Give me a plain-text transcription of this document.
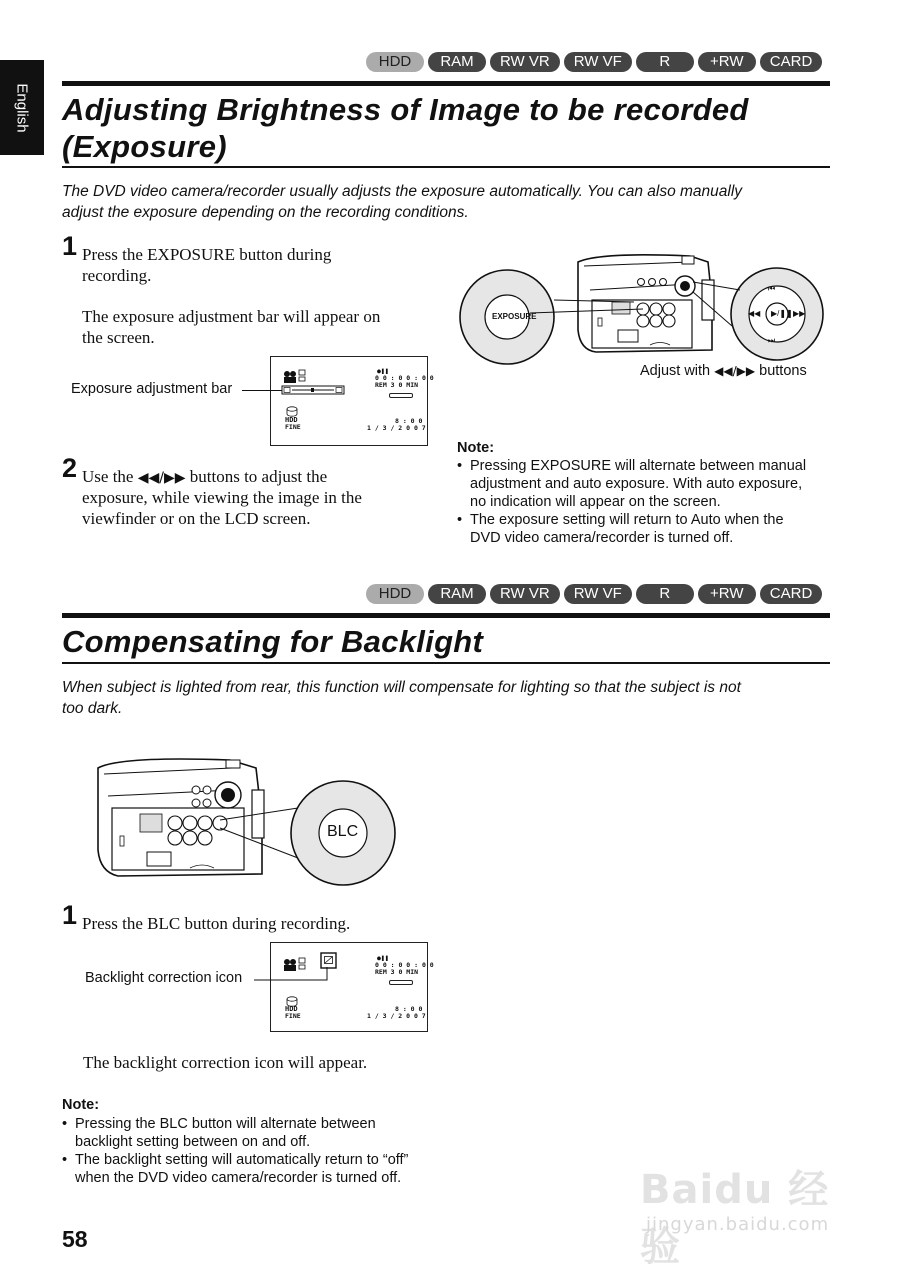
English
HDD	RAM	RW VR	RW VF	R	+RW	CARD
Adjusting Brightness of Image to be recorded
(Exposure)
The DVD video camera/recorder usually adjusts the exposure automatically. You can also manually
adjust the exposure depending on the recording conditions.
1 Press the EXPOSURE button during
recording.
The exposure adjustment bar will appear on
the screen.
●❚❚
0 0 : 0 0 : 0 0
REM 3 0 MIN
HDD
FINE
8 : 0 0
1 / 3 / 2 0 0 7
Exposure adjustment bar
2 Use the ◀◀/▶▶ buttons to adjust the
exposure, while viewing the image in the
viewfinder or on the LCD screen.
EXPOSURE
⏮
⏭
◀◀	▶▶
▶/❚❚
Adjust with ◀◀/▶▶ buttons
Note:
• Pressing EXPOSURE will alternate between manual
adjustment and auto exposure. With auto exposure,
no indication will appear on the screen.
• The exposure setting will return to Auto when the
DVD video camera/recorder is turned off.
HDD	RAM	RW VR	RW VF	R	+RW	CARD
Compensating for Backlight
When subject is lighted from rear, this function will compensate for lighting so that the subject is not
too dark.
BLC
1 Press the BLC button during recording.
●❚❚
0 0 : 0 0 : 0 0
REM 3 0 MIN
HDD
FINE
8 : 0 0
1 / 3 / 2 0 0 7
Backlight correction icon
The backlight correction icon will appear.
Note:
• Pressing the BLC button will alternate between
backlight setting between on and off.
• The backlight setting will automatically return to “off”
when the DVD video camera/recorder is turned off.
58
Baidu 经验
jingyan.baidu.com
